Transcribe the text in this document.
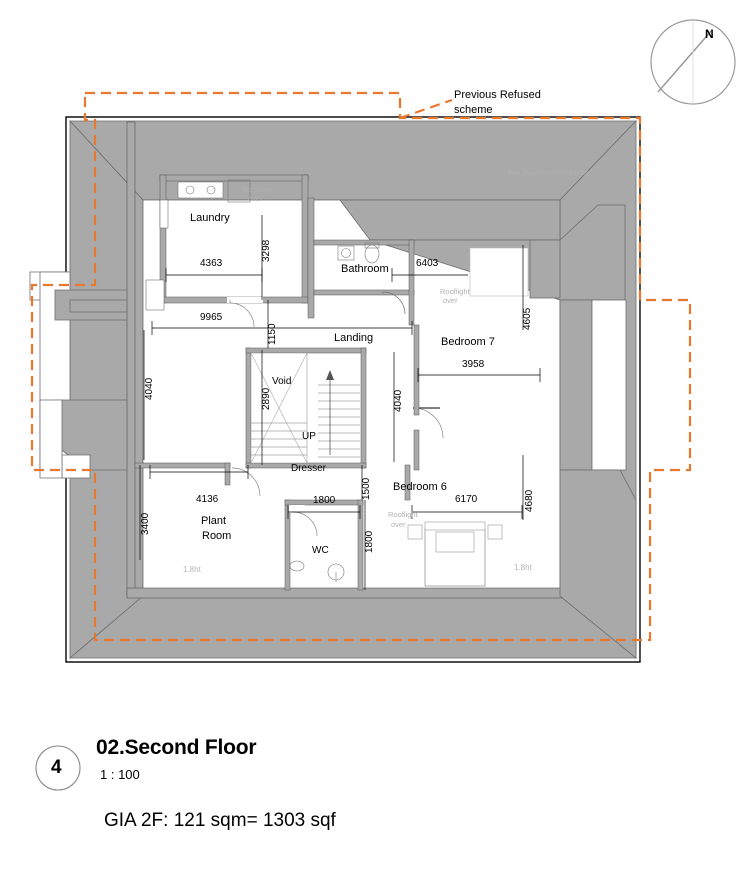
Laundry
Bathroom
Bedroom 7
Landing
Void
UP
Dresser
Bedroom 6
Plant
Room
WC
4363	6403
9965
3958
4136	1800	6170
3298
1150
4605
4040	2890	4040
1500
4680
3400
1800
Flat Roof over GF Level
Rooflight
over
Rooflight
over
Rooflight
over
1.8ht	1.8ht
Previous Refused
scheme
N
4
02.Second Floor
1 : 100
GIA 2F: 121 sqm= 1303 sqf
